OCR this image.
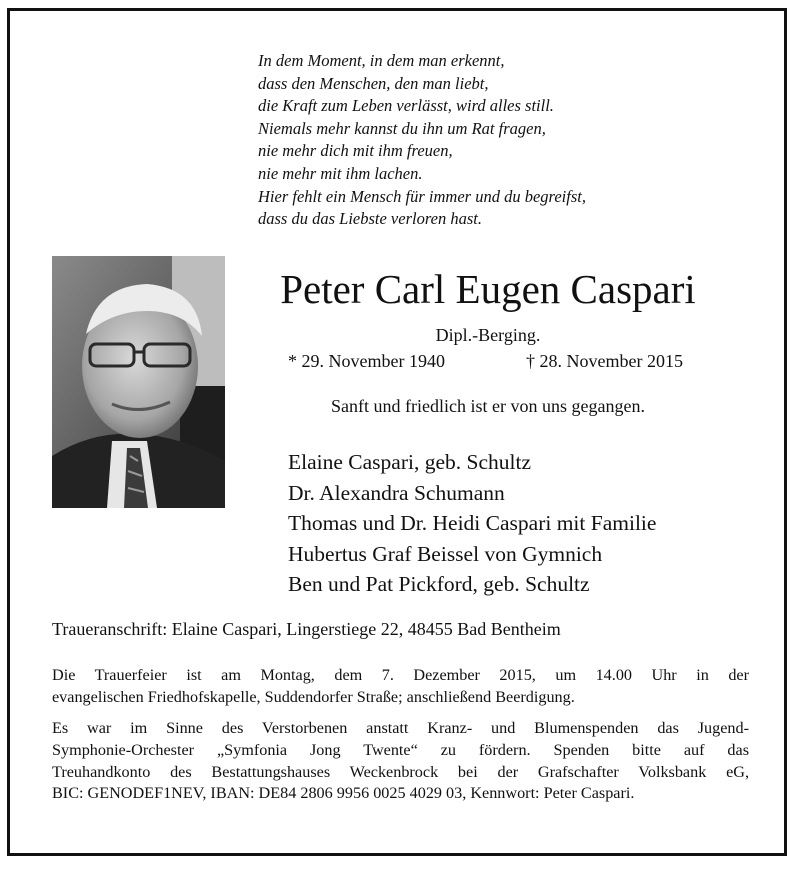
In dem Moment, in dem man erkennt,
dass den Menschen, den man liebt,
die Kraft zum Leben verlässt, wird alles still.
Niemals mehr kannst du ihn um Rat fragen,
nie mehr dich mit ihm freuen,
nie mehr mit ihm lachen.
Hier fehlt ein Mensch für immer und du begreifst,
dass du das Liebste verloren hast.
Peter Carl Eugen Caspari
Dipl.-Berging.
* 29. November 1940	† 28. November 2015
Sanft und friedlich ist er von uns gegangen.
Elaine Caspari, geb. Schultz
Dr. Alexandra Schumann
Thomas und Dr. Heidi Caspari mit Familie
Hubertus Graf Beissel von Gymnich
Ben und Pat Pickford, geb. Schultz
Traueranschrift: Elaine Caspari, Lingerstiege 22, 48455 Bad Bentheim
Die Trauerfeier ist am Montag, dem 7. Dezember 2015, um 14.00 Uhr in der
evangelischen Friedhofskapelle, Suddendorfer Straße; anschließend Beerdigung.
Es war im Sinne des Verstorbenen anstatt Kranz- und Blumenspenden das Jugend-
Symphonie-Orchester „Symfonia Jong Twente“ zu fördern. Spenden bitte auf das
Treuhandkonto des Bestattungshauses Weckenbrock bei der Grafschafter Volksbank eG,
BIC: GENODEF1NEV, IBAN: DE84 2806 9956 0025 4029 03, Kennwort: Peter Caspari.
